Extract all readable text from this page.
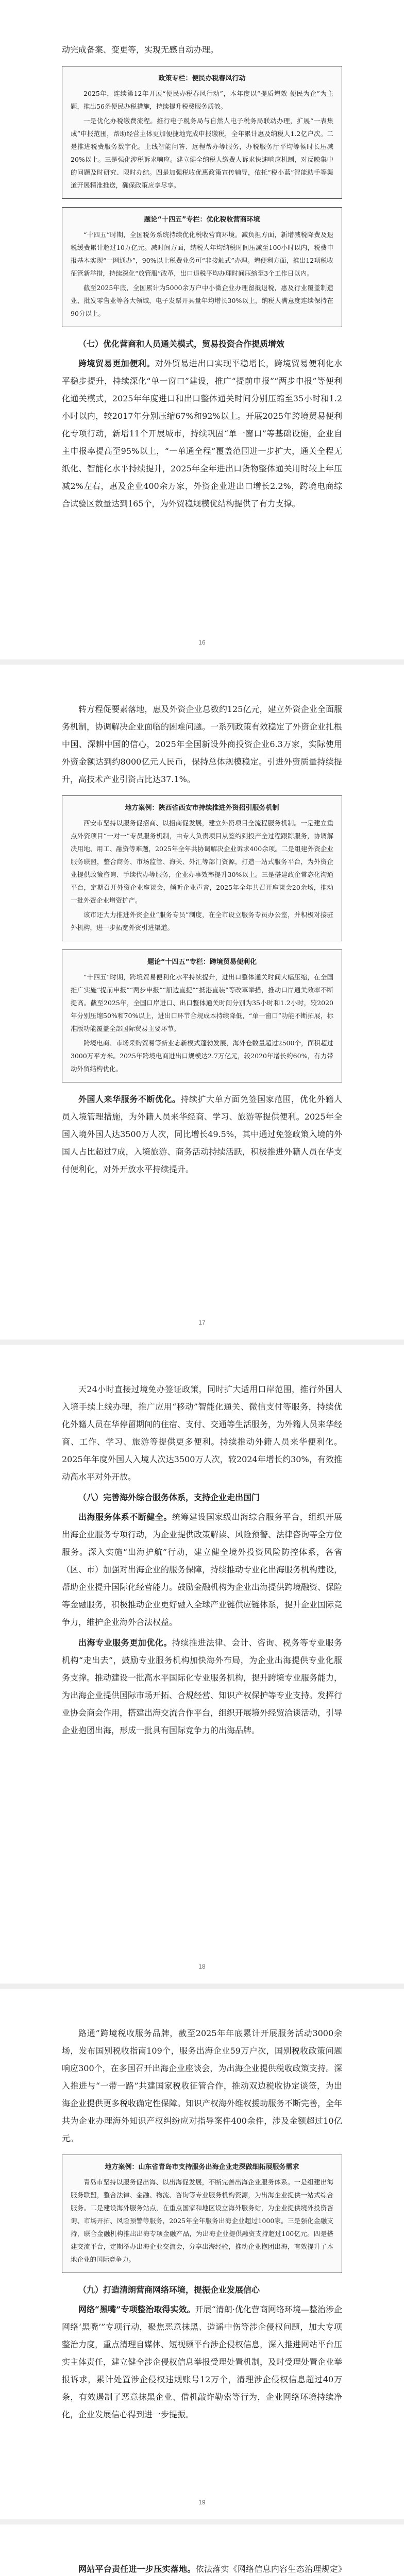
动完成备案、变更等，实现无感自动办理。

政策专栏：便民办税春风行动

2025年，连续第12年开展“便民办税春风行动”，本年度以“提质增效 便民为企”为主题，推出56条便民办税措施，持续提升税费服务质效。

一是优化办税缴费流程。推行电子税务局与自然人电子税务局联动办理，扩展“一表集成”申报范围，帮助经营主体更加便捷地完成申报缴税，全年累计惠及纳税人1.2亿户次。二是推进税费服务数字化。上线智能问答、远程帮办等服务，办税服务厅平均等候时长压减20%以上。三是强化涉税诉求响应。建立健全纳税人缴费人诉求快速响应机制，对反映集中的问题及时研究、限时办结。四是加强税收优惠政策宣传辅导，依托“税小蓝”智能助手等渠道开展精准推送，确保政策应享尽享。

题论“十四五”专栏：优化税收营商环境

“十四五”时期，全国税务系统持续优化税收营商环境。减负担方面，新增减税降费及退税缓费累计超过10万亿元。减时间方面，纳税人年均纳税时间压减至100小时以内，税费申报基本实现“一网通办”，90%以上税费业务可“非接触式”办理。增便利方面，推出12项税收征管新举措，持续深化“放管服”改革，出口退税平均办理时间压缩至3个工作日以内。

截至2025年底，全国累计为5000余万户中小微企业办理留抵退税，惠及行业覆盖制造业、批发零售业等各大领域，电子发票开具量年均增长30%以上，纳税人满意度连续保持在90分以上。

（七）优化营商和人员通关模式，贸易投资合作提质增效

跨境贸易更加便利。对外贸易进出口实现平稳增长，跨境贸易便利化水平稳步提升，持续深化“单一窗口”建设，推广“提前申报”“两步申报”等便利化通关模式，2025年年度进口和出口整体通关时间分别压缩至35小时和1.2小时以内，较2017年分别压缩67%和92%以上。开展2025年跨境贸易便利化专项行动，新增11个开展城市，持续巩固“单一窗口”等基础设施，企业自主申报率提高至95%以上，“一单通全程”覆盖范围进一步扩大，通关全程无纸化、智能化水平持续提升，2025年全年进出口货物整体通关用时较上年压减2%左右，惠及企业400余万家，外资企业进出口增长2.2%，跨境电商综合试验区数量达到165个，为外贸稳规模优结构提供了有力支撑。

16

转方程促要素落地，惠及外资企业总数约125亿元，建立外资企业全面服务机制，协调解决企业面临的困难问题。一系列政策有效稳定了外资企业扎根中国、深耕中国的信心，2025年全国新设外商投资企业6.3万家，实际使用外资金额达到约8000亿元人民币，保持总体规模稳定。引进外资质量持续提升，高技术产业引资占比达37.1%。

地方案例：陕西省西安市持续推进外资招引服务机制

西安市坚持以服务促招商、以招商促发展，建立外资项目全流程服务机制。一是建立重点外资项目“一对一”专员服务机制，由专人负责项目从签约到投产全过程跟踪服务，协调解决用地、用工、融资等难题，2025年全年共协调解决企业诉求400余项。二是组建外资企业服务联盟，整合商务、市场监管、海关、外汇等部门资源，打造一站式服务平台，为外资企业提供政策咨询、手续代办等服务，企业办事效率提升30%以上。三是搭建政企常态化沟通平台，定期召开外资企业座谈会，倾听企业声音，2025年全年共召开座谈会20余场，推动一批外资企业增资扩产。

该市还大力推进外资企业“服务专员”制度，在全市设立服务专员办公室，并积极对接驻外机构，进一步拓宽外资引进渠道。

题论“十四五”专栏：跨境贸易便利化

“十四五”时期，跨境贸易便利化水平持续提升，进出口整体通关时间大幅压缩，在全国推广实施“提前申报”“两步申报”“船边直提”“抵港直装”等改革举措，推动口岸通关效率不断提高。截至2025年，全国口岸进口、出口整体通关时间分别为35小时和1.2小时，较2020年分别压缩50%和70%以上，进出口环节合规成本持续降低，“单一窗口”功能不断拓展，标准版功能覆盖全部国际贸易主要环节。

跨境电商、市场采购贸易等新业态新模式蓬勃发展，海外仓数量超过2500个，面积超过3000万平方米。2025年跨境电商进出口规模达2.7万亿元，较2020年增长约60%，有力带动外贸结构优化。

外国人来华服务不断优化。持续扩大单方面免签国家范围，优化外籍人员入境管理措施，为外籍人员来华经商、学习、旅游等提供便利。2025年全国入境外国人达3500万人次，同比增长49.5%，其中通过免签政策入境的外国人占比超过7成，入境旅游、商务活动持续活跃，积极推进外籍人员在华支付便利化，对外开放水平持续提升。

17

天24小时直接过境免办签证政策，同时扩大适用口岸范围，推行外国人入境手续上线办理，推广应用“移动”智能化通关、微信支付等服务，持续优化外籍人员在华停留期间的住宿、支付、交通等生活服务，为外籍人员来华经商、工作、学习、旅游等提供更多便利。持续推动外籍人员来华便利化。2025年年度外国人入境人次达3500万人次，较2024年增长约30%，有效推动高水平对外开放。

（八）完善海外综合服务体系，支持企业走出国门

出海服务体系不断健全。统筹建设国家级出海综合服务平台，组织开展出海企业服务专项行动，为企业提供政策解读、风险预警、法律咨询等全方位服务。深入实施“出海护航”行动，建立健全境外投资风险防控体系，各省（区、市）加强对出海企业的服务保障，持续推动专业化出海服务机构建设，帮助企业提升国际化经营能力。鼓励金融机构为企业出海提供跨境融资、保险等金融服务，积极推动企业更好融入全球产业链供应链体系，提升企业国际竞争力，维护企业海外合法权益。

出海专业服务更加优化。持续推进法律、会计、咨询、税务等专业服务机构“走出去”，鼓励专业服务机构加快海外布局，为企业出海提供专业化服务支撑。推动建设一批高水平国际化专业服务机构，提升跨境专业服务能力，为出海企业提供国际市场开拓、合规经营、知识产权保护等专业支持。发挥行业协会商会作用，搭建出海交流合作平台，组织开展境外经贸洽谈活动，引导企业抱团出海，形成一批具有国际竞争力的出海品牌。

18

路通”跨境税收服务品牌，截至2025年年底累计开展服务活动3000余场，发布国别税收指南109个，服务出海企业59万户次，国别税收政策问题响应300个，在多国召开出海企业座谈会，为出海企业提供税收政策支持。深入推进与“一带一路”共建国家税收征管合作，推动双边税收协定谈签，为出海企业提供更多税收确定性保障。知识产权海外维权援助服务不断完善，全年共为企业办理海外知识产权纠纷应对指导案件400余件，涉及金额超过10亿元。

地方案例：山东省青岛市支持服务出海企业走深做细拓展服务需求

青岛市坚持以服务促出海、以出海促发展，不断完善出海企业服务体系。一是组建出海服务联盟，整合法律、金融、物流、咨询等专业服务机构资源，为出海企业提供一站式综合服务。二是建设海外服务站点，在重点国家和地区设立海外服务站，为企业提供境外投资咨询、市场开拓、风险预警等服务，2025年全年服务出海企业超过1000家。三是强化金融支持，联合金融机构推出出海专项金融产品，为出海企业提供融资支持超过100亿元。四是搭建交流平台，定期举办出海企业交流会，分享出海经验，推动企业抱团出海，有效提升了本地企业的国际竞争力。

（九）打造清朗营商网络环境，提振企业发展信心

网络“黑嘴”专项整治取得实效。开展“清朗·优化营商网络环境—整治涉企网络‘黑嘴’”专项行动，聚焦恶意抹黑、造谣中伤等涉企侵权问题，加大专项整治力度，重点清理自媒体、短视频平台涉企侵权信息，深入推进网站平台压实主体责任，建立健全涉企侵权信息举报受理处置机制，及时受理处置企业举报诉求，累计处置涉企侵权违规账号12万个，清理涉企侵权信息超过40万条，有效遏制了恶意抹黑企业、借机敲诈勒索等行为，企业网络环境持续净化，企业发展信心得到进一步提振。

19

网站平台责任进一步压实落地。依法落实《网络信息内容生态治理规定》
